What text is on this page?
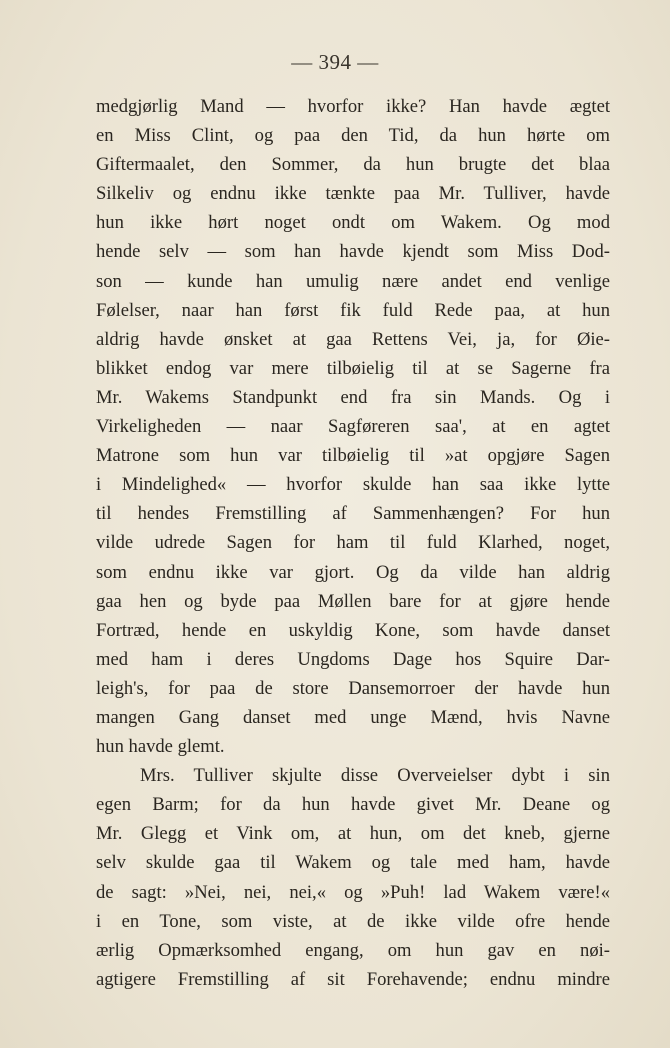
— 394 —
medgjørlig Mand — hvorfor ikke? Han havde ægtet
en Miss Clint, og paa den Tid, da hun hørte om
Giftermaalet, den Sommer, da hun brugte det blaa
Silkeliv og endnu ikke tænkte paa Mr. Tulliver, havde
hun ikke hørt noget ondt om Wakem. Og mod
hende selv — som han havde kjendt som Miss Dod-
son — kunde han umulig nære andet end venlige
Følelser, naar han først fik fuld Rede paa, at hun
aldrig havde ønsket at gaa Rettens Vei, ja, for Øie-
blikket endog var mere tilbøielig til at se Sagerne fra
Mr. Wakems Standpunkt end fra sin Mands. Og i
Virkeligheden — naar Sagføreren saa', at en agtet
Matrone som hun var tilbøielig til »at opgjøre Sagen
i Mindelighed« — hvorfor skulde han saa ikke lytte
til hendes Fremstilling af Sammenhængen? For hun
vilde udrede Sagen for ham til fuld Klarhed, noget,
som endnu ikke var gjort. Og da vilde han aldrig
gaa hen og byde paa Møllen bare for at gjøre hende
Fortræd, hende en uskyldig Kone, som havde danset
med ham i deres Ungdoms Dage hos Squire Dar-
leigh's, for paa de store Dansemorroer der havde hun
mangen Gang danset med unge Mænd, hvis Navne
hun havde glemt.
Mrs. Tulliver skjulte disse Overveielser dybt i sin
egen Barm; for da hun havde givet Mr. Deane og
Mr. Glegg et Vink om, at hun, om det kneb, gjerne
selv skulde gaa til Wakem og tale med ham, havde
de sagt: »Nei, nei, nei,« og »Puh! lad Wakem være!«
i en Tone, som viste, at de ikke vilde ofre hende
ærlig Opmærksomhed engang, om hun gav en nøi-
agtigere Fremstilling af sit Forehavende; endnu mindre
